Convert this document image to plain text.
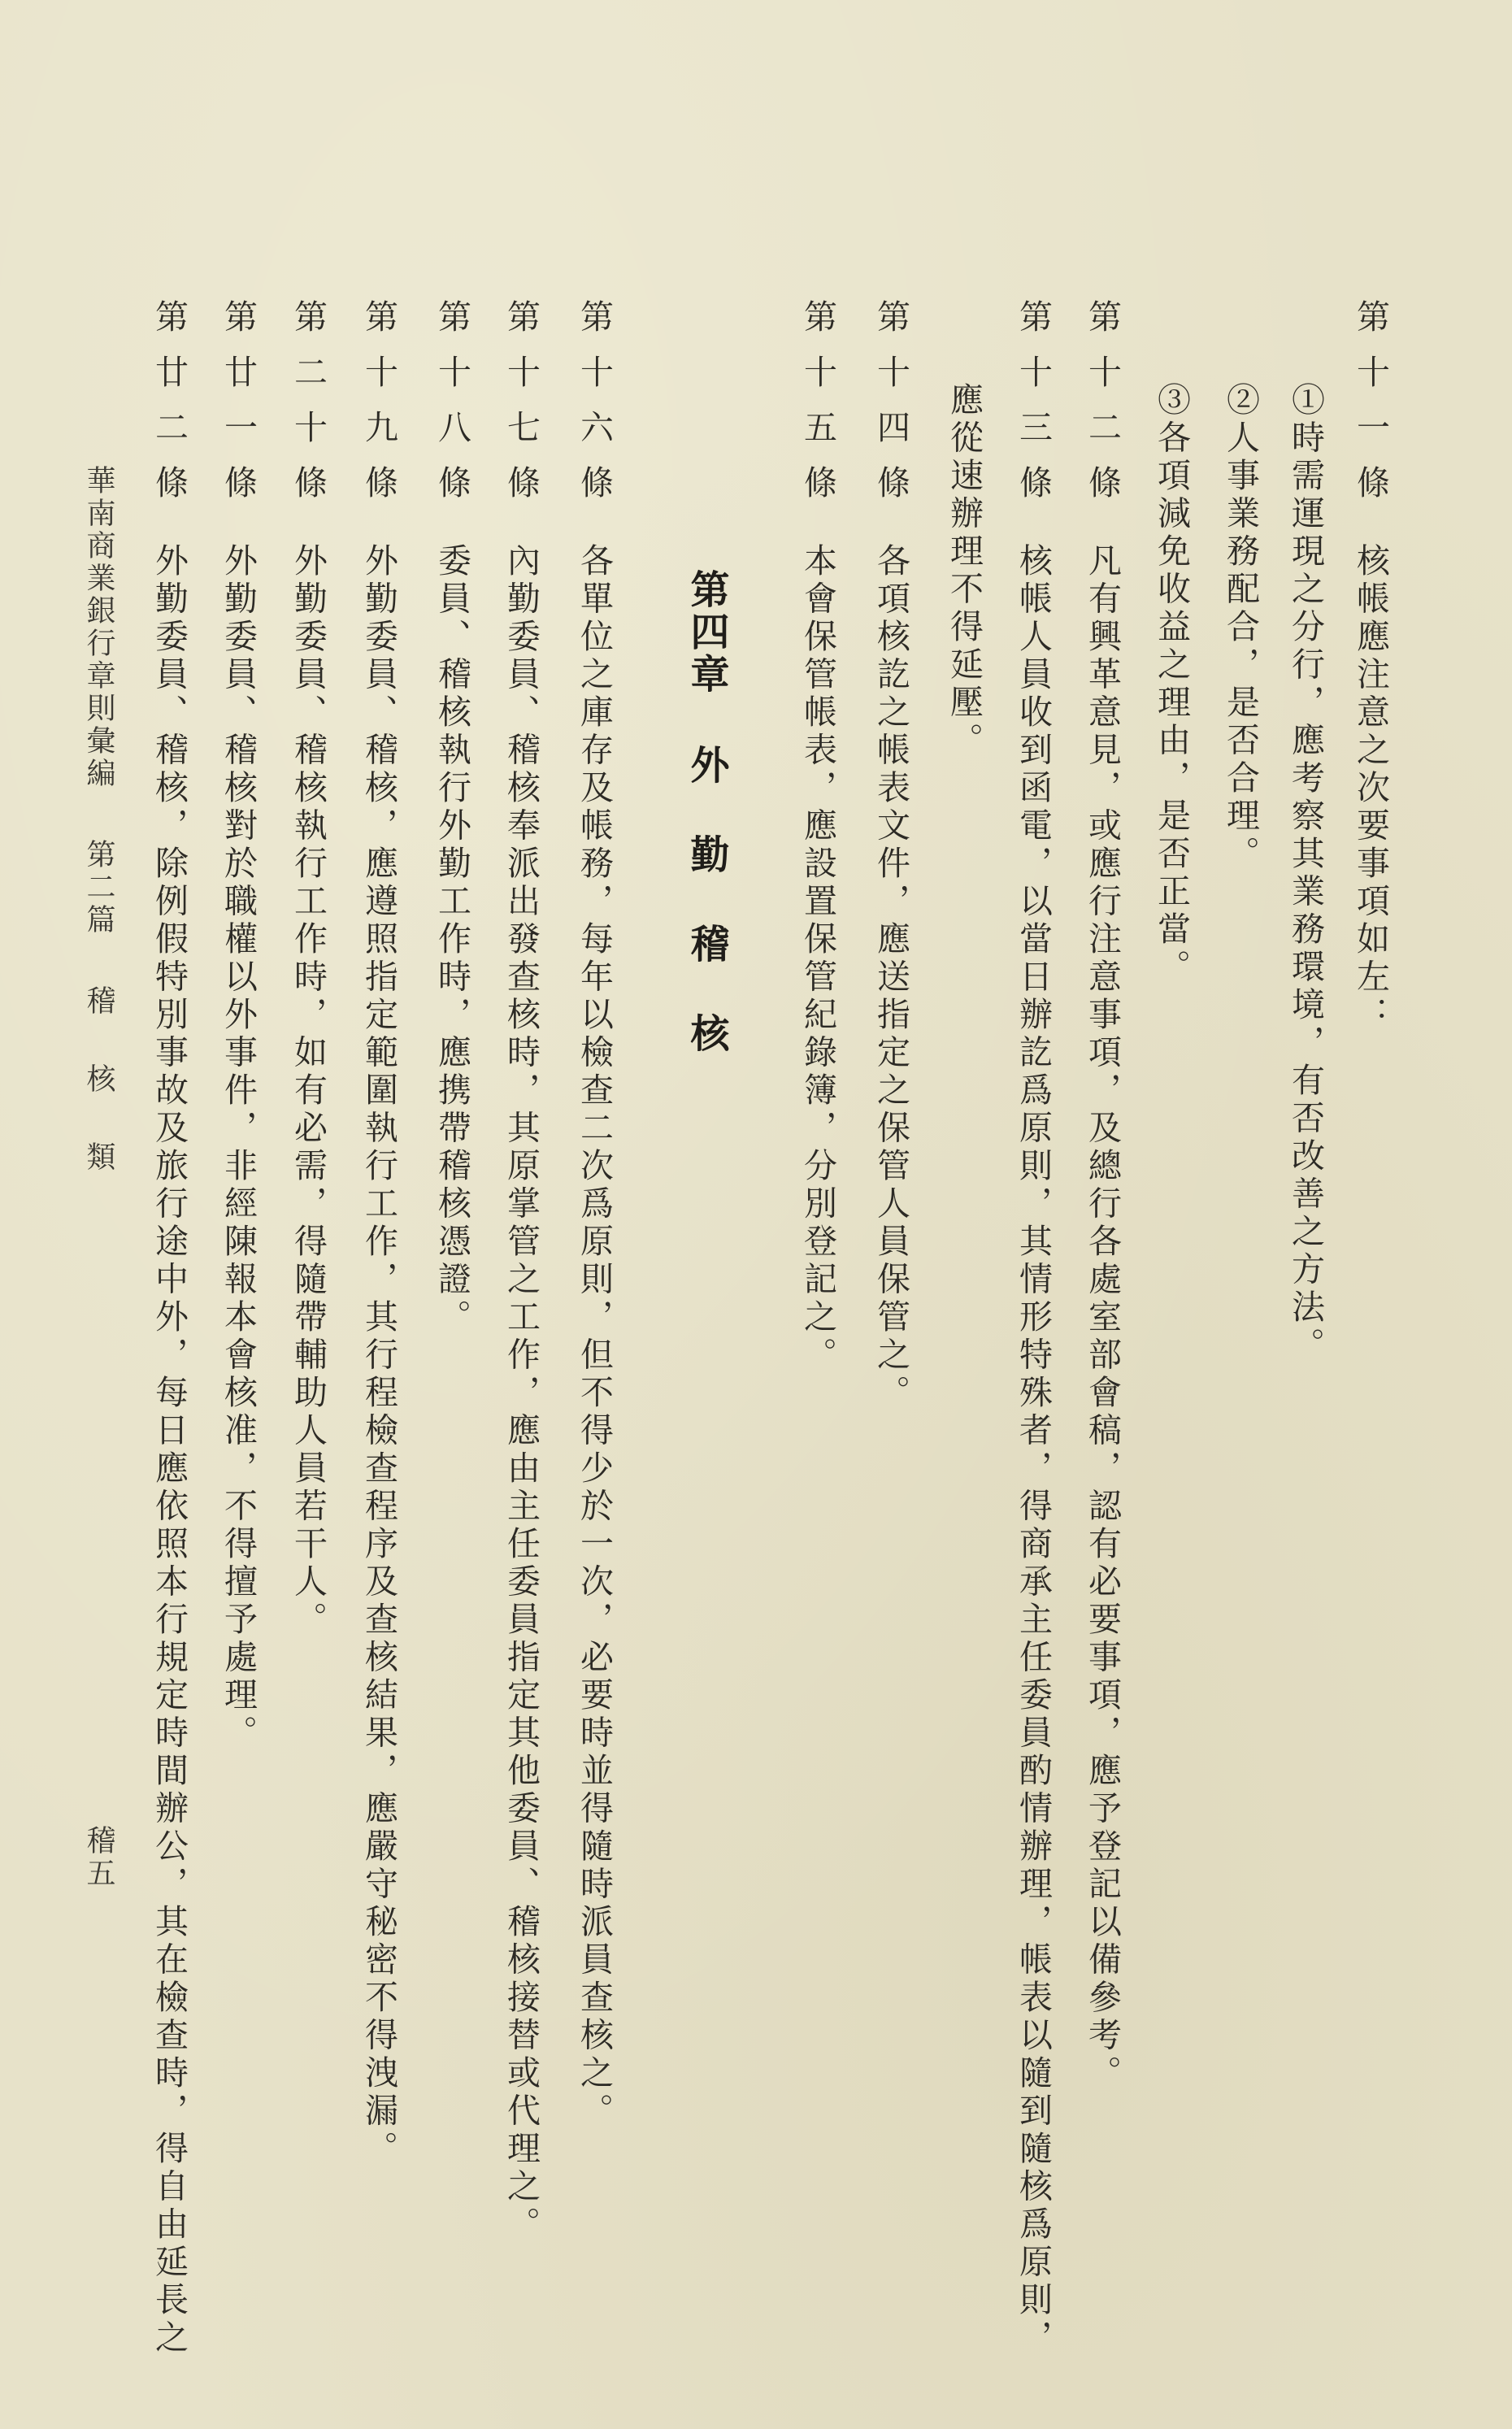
第十一條核帳應注意之次要事項如左：
①時需運現之分行，應考察其業務環境，有否改善之方法。
②人事業務配合，是否合理。
③各項減免收益之理由，是否正當。
第十二條凡有興革意見，或應行注意事項，及總行各處室部會稿，認有必要事項，應予登記以備參考。
第十三條核帳人員收到函電，以當日辦訖爲原則，其情形特殊者，得商承主任委員酌情辦理，帳表以隨到隨核爲原則，
應從速辦理不得延壓。
第十四條各項核訖之帳表文件，應送指定之保管人員保管之。
第十五條本會保管帳表，應設置保管紀錄簿，分別登記之。
第四章外勤稽核
第十六條各單位之庫存及帳務，每年以檢查二次爲原則，但不得少於一次，必要時並得隨時派員查核之。
第十七條內勤委員、稽核奉派出發查核時，其原掌管之工作，應由主任委員指定其他委員、稽核接替或代理之。
第十八條委員、稽核執行外勤工作時，應携帶稽核憑證。
第十九條外勤委員、稽核，應遵照指定範圍執行工作，其行程檢查程序及查核結果，應嚴守秘密不得洩漏。
第二十條外勤委員、稽核執行工作時，如有必需，得隨帶輔助人員若干人。
第廿一條外勤委員、稽核對於職權以外事件，非經陳報本會核准，不得擅予處理。
第廿二條外勤委員、稽核，除例假特別事故及旅行途中外，每日應依照本行規定時間辦公，其在檢查時，得自由延長之
華南商業銀行章則彙編第二篇稽核類
稽五
